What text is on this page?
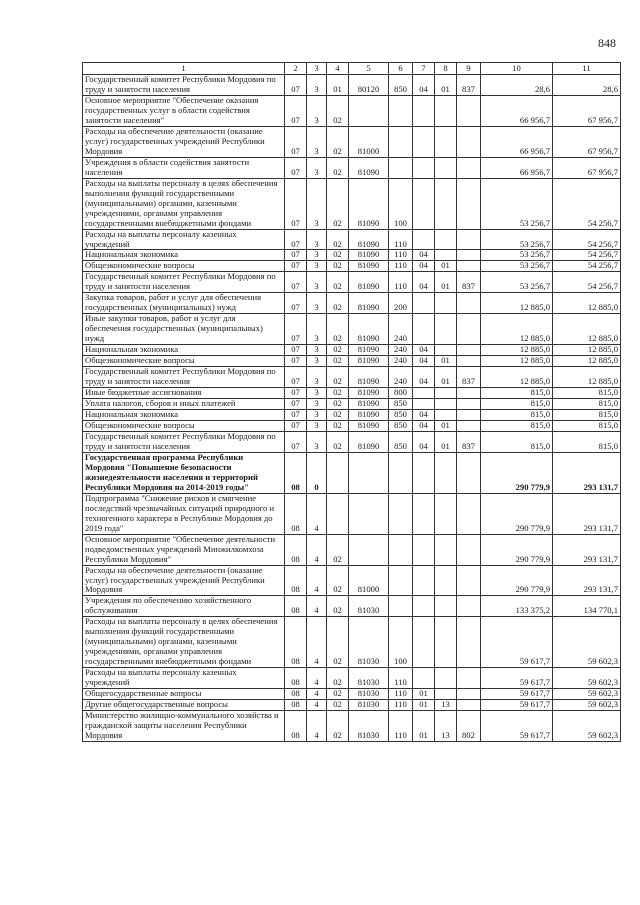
848
1	2	3	4	5	6	7	8	9	10	11
Государственный комитет Республики Мордовия по труду и занятости населения	07	3	01	80120	850	04	01	837	28,6	28,6
Основное мероприятие "Обеспечение оказания государственных услуг в области содействия занятости населения"	07	3	02						66 956,7	67 956,7
Расходы на обеспечение деятельности (оказание услуг) государственных учреждений Республики Мордовия	07	3	02	81000					66 956,7	67 956,7
Учреждения в области содействия занятости населения	07	3	02	81090					66 956,7	67 956,7
Расходы на выплаты персоналу в целях обеспечения выполнения функций государственными (муниципальными) органами, казенными учреждениями, органами управления государственными внебюджетными фондами	07	3	02	81090	100				53 256,7	54 256,7
Расходы на выплаты персоналу казенных учреждений	07	3	02	81090	110				53 256,7	54 256,7
Национальная экономика	07	3	02	81090	110	04			53 256,7	54 256,7
Общеэкономические вопросы	07	3	02	81090	110	04	01		53 256,7	54 256,7
Государственный комитет Республики Мордовия по труду и занятости населения	07	3	02	81090	110	04	01	837	53 256,7	54 256,7
Закупка товаров, работ и услуг для обеспечения государственных (муниципальных) нужд	07	3	02	81090	200				12 885,0	12 885,0
Иные закупки товаров, работ и услуг для обеспечения государственных (муниципальных) нужд	07	3	02	81090	240				12 885,0	12 885,0
Национальная экономика	07	3	02	81090	240	04			12 885,0	12 885,0
Общеэкономические вопросы	07	3	02	81090	240	04	01		12 885,0	12 885,0
Государственный комитет Республики Мордовия по труду и занятости населения	07	3	02	81090	240	04	01	837	12 885,0	12 885,0
Иные бюджетные ассигнования	07	3	02	81090	800				815,0	815,0
Уплата налогов, сборов и иных платежей	07	3	02	81090	850				815,0	815,0
Национальная экономика	07	3	02	81090	850	04			815,0	815,0
Общеэкономические вопросы	07	3	02	81090	850	04	01		815,0	815,0
Государственный комитет Республики Мордовия по труду и занятости населения	07	3	02	81090	850	04	01	837	815,0	815,0
Государственная программа Республики Мордовия "Повышение безопасности жизнедеятельности населения и территорий Республики Мордовия на 2014-2019 годы"	08	0							290 779,9	293 131,7
Подпрограмма "Снижение рисков и смягчение последствий чрезвычайных ситуаций природного и техногенного характера в Республике Мордовия до 2019 года"	08	4							290 779,9	293 131,7
Основное мероприятие "Обеспечение деятельности подведомственных учреждений Минжилкомхоза Республики Мордовия"	08	4	02						290 779,9	293 131,7
Расходы на обеспечение деятельности (оказание услуг) государственных учреждений Республики Мордовия	08	4	02	81000					290 779,9	293 131,7
Учреждения по обеспечению хозяйственного обслуживания	08	4	02	81030					133 375,2	134 770,1
Расходы на выплаты персоналу в целях обеспечения выполнения функций государственными (муниципальными) органами, казенными учреждениями, органами управления государственными внебюджетными фондами	08	4	02	81030	100				59 617,7	59 602,3
Расходы на выплаты персоналу казенных учреждений	08	4	02	81030	110				59 617,7	59 602,3
Общегосударственные вопросы	08	4	02	81030	110	01			59 617,7	59 602,3
Другие общегосударственные вопросы	08	4	02	81030	110	01	13		59 617,7	59 602,3
Министерство жилищно-коммунального хозяйства и гражданской защиты населения Республики Мордовия	08	4	02	81030	110	01	13	802	59 617,7	59 602,3
